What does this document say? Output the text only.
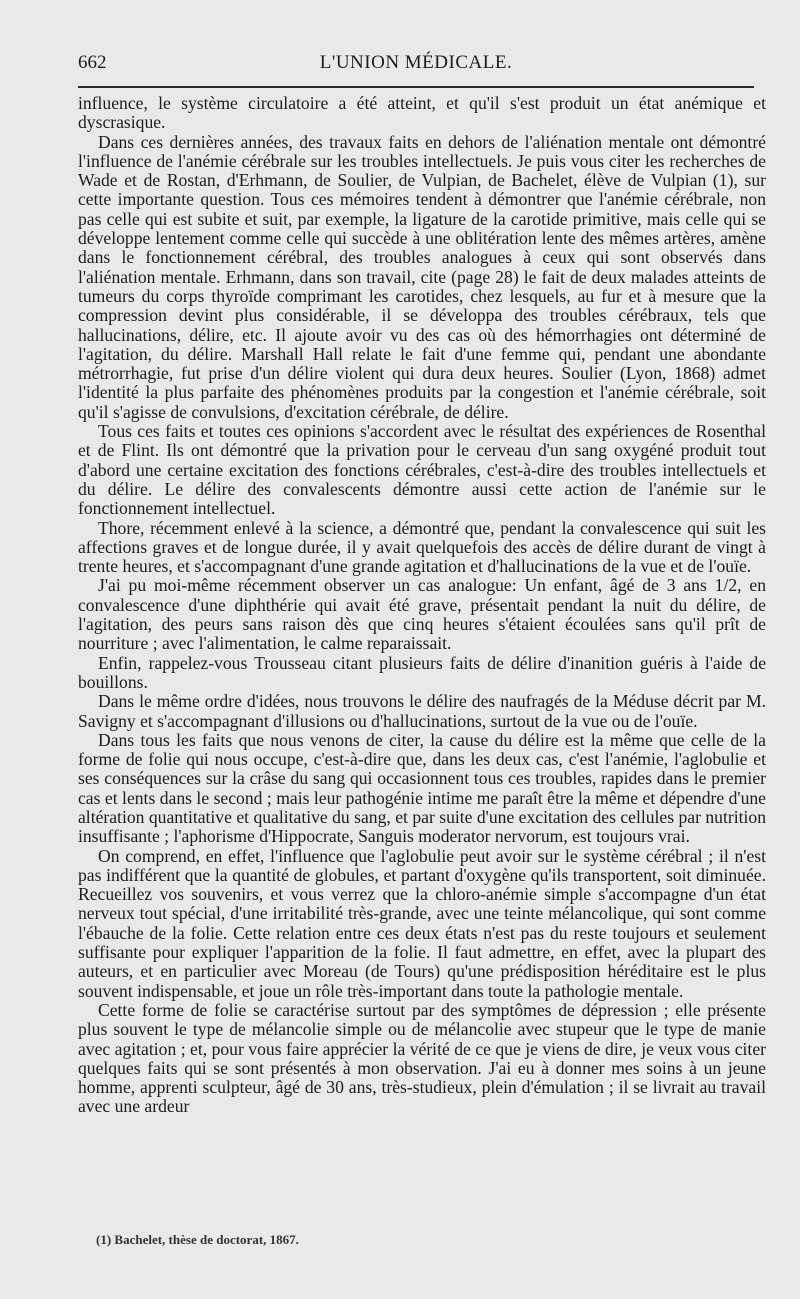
662	L'UNION MÉDICALE.

influence, le système circulatoire a été atteint, et qu'il s'est produit un état anémique et dyscrasique.

Dans ces dernières années, des travaux faits en dehors de l'aliénation mentale ont démontré l'influence de l'anémie cérébrale sur les troubles intellectuels. Je puis vous citer les recherches de Wade et de Rostan, d'Erhmann, de Soulier, de Vulpian, de Bachelet, élève de Vulpian (1), sur cette importante question. Tous ces mémoires tendent à démontrer que l'anémie cérébrale, non pas celle qui est subite et suit, par exemple, la ligature de la carotide primitive, mais celle qui se développe lentement comme celle qui succède à une oblitération lente des mêmes artères, amène dans le fonctionnement cérébral, des troubles analogues à ceux qui sont observés dans l'aliénation mentale. Erhmann, dans son travail, cite (page 28) le fait de deux malades atteints de tumeurs du corps thyroïde comprimant les carotides, chez lesquels, au fur et à mesure que la compression devint plus considérable, il se développa des troubles cérébraux, tels que hallucinations, délire, etc. Il ajoute avoir vu des cas où des hémorrhagies ont déterminé de l'agitation, du délire. Marshall Hall relate le fait d'une femme qui, pendant une abondante métrorrhagie, fut prise d'un délire violent qui dura deux heures. Soulier (Lyon, 1868) admet l'identité la plus parfaite des phénomènes produits par la congestion et l'anémie cérébrale, soit qu'il s'agisse de convulsions, d'excitation cérébrale, de délire.

Tous ces faits et toutes ces opinions s'accordent avec le résultat des expériences de Rosenthal et de Flint. Ils ont démontré que la privation pour le cerveau d'un sang oxygéné produit tout d'abord une certaine excitation des fonctions cérébrales, c'est-à-dire des troubles intellectuels et du délire. Le délire des convalescents démontre aussi cette action de l'anémie sur le fonctionnement intellectuel.

Thore, récemment enlevé à la science, a démontré que, pendant la convalescence qui suit les affections graves et de longue durée, il y avait quelquefois des accès de délire durant de vingt à trente heures, et s'accompagnant d'une grande agitation et d'hallucinations de la vue et de l'ouïe.

J'ai pu moi-même récemment observer un cas analogue: Un enfant, âgé de 3 ans 1/2, en convalescence d'une diphthérie qui avait été grave, présentait pendant la nuit du délire, de l'agitation, des peurs sans raison dès que cinq heures s'étaient écoulées sans qu'il prît de nourriture ; avec l'alimentation, le calme reparaissait.

Enfin, rappelez-vous Trousseau citant plusieurs faits de délire d'inanition guéris à l'aide de bouillons.

Dans le même ordre d'idées, nous trouvons le délire des naufragés de la Méduse décrit par M. Savigny et s'accompagnant d'illusions ou d'hallucinations, surtout de la vue ou de l'ouïe.

Dans tous les faits que nous venons de citer, la cause du délire est la même que celle de la forme de folie qui nous occupe, c'est-à-dire que, dans les deux cas, c'est l'anémie, l'aglobulie et ses conséquences sur la crâse du sang qui occasionnent tous ces troubles, rapides dans le premier cas et lents dans le second ; mais leur pathogénie intime me paraît être la même et dépendre d'une altération quantitative et qualitative du sang, et par suite d'une excitation des cellules par nutrition insuffisante ; l'aphorisme d'Hippocrate, Sanguis moderator nervorum, est toujours vrai.

On comprend, en effet, l'influence que l'aglobulie peut avoir sur le système cérébral ; il n'est pas indifférent que la quantité de globules, et partant d'oxygène qu'ils transportent, soit diminuée. Recueillez vos souvenirs, et vous verrez que la chloro-anémie simple s'accompagne d'un état nerveux tout spécial, d'une irritabilité très-grande, avec une teinte mélancolique, qui sont comme l'ébauche de la folie. Cette relation entre ces deux états n'est pas du reste toujours et seulement suffisante pour expliquer l'apparition de la folie. Il faut admettre, en effet, avec la plupart des auteurs, et en particulier avec Moreau (de Tours) qu'une prédisposition héréditaire est le plus souvent indispensable, et joue un rôle très-important dans toute la pathologie mentale.

Cette forme de folie se caractérise surtout par des symptômes de dépression ; elle présente plus souvent le type de mélancolie simple ou de mélancolie avec stupeur que le type de manie avec agitation ; et, pour vous faire apprécier la vérité de ce que je viens de dire, je veux vous citer quelques faits qui se sont présentés à mon observation. J'ai eu à donner mes soins à un jeune homme, apprenti sculpteur, âgé de 30 ans, très-studieux, plein d'émulation ; il se livrait au travail avec une ardeur

(1) Bachelet, thèse de doctorat, 1867.
